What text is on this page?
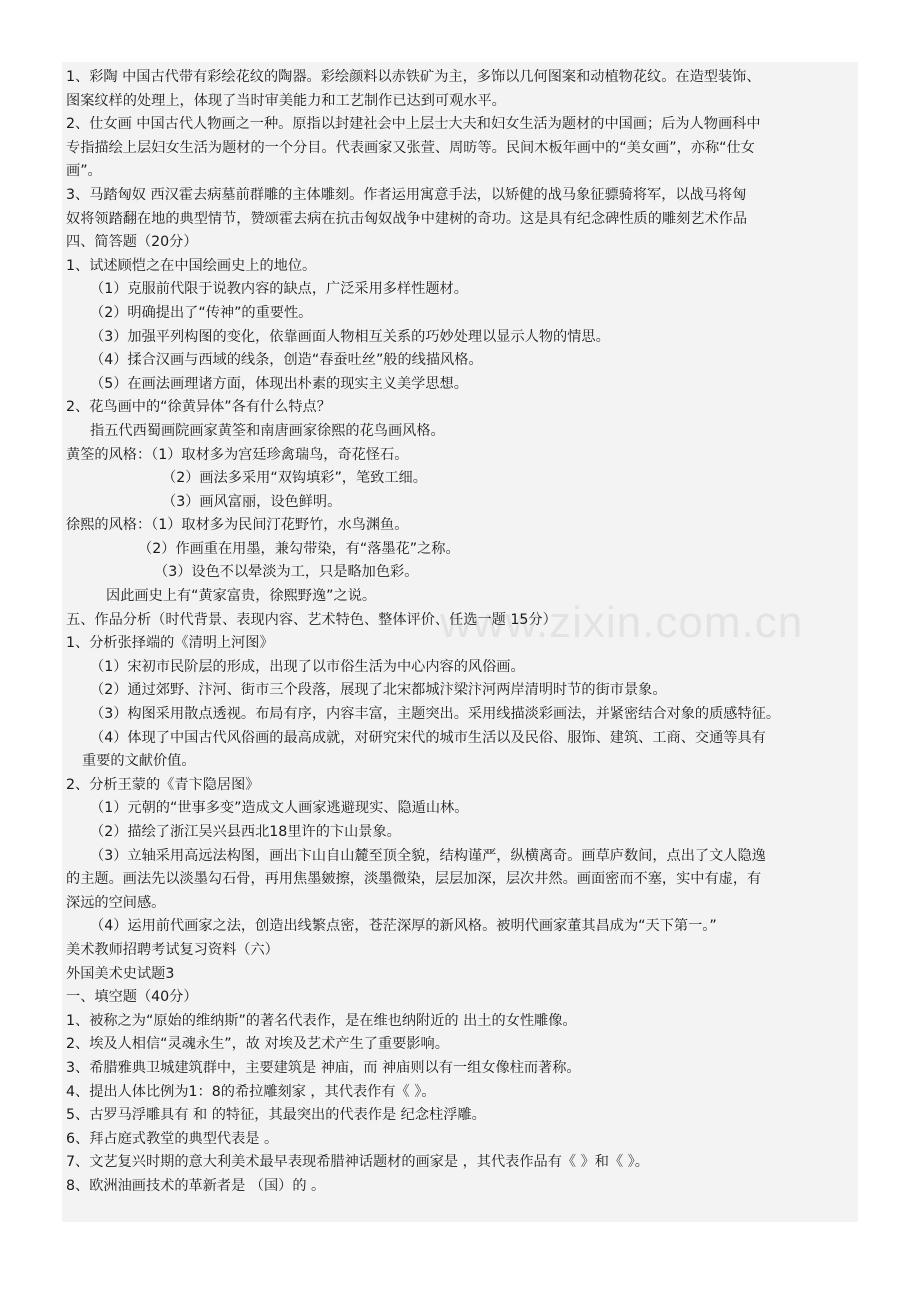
www.zixin.com.cn
1、彩陶 中国古代带有彩绘花纹的陶器。彩绘颜料以赤铁矿为主，多饰以几何图案和动植物花纹。在造型装饰、
图案纹样的处理上，体现了当时审美能力和工艺制作已达到可观水平。
2、仕女画 中国古代人物画之一种。原指以封建社会中上层士大夫和妇女生活为题材的中国画；后为人物画科中
专指描绘上层妇女生活为题材的一个分目。代表画家又张萱、周昉等。民间木板年画中的“美女画”，亦称“仕女
画”。
3、马踏匈奴 西汉霍去病墓前群雕的主体雕刻。作者运用寓意手法，以矫健的战马象征骠骑将军，以战马将匈
奴将领踏翻在地的典型情节，赞颂霍去病在抗击匈奴战争中建树的奇功。这是具有纪念碑性质的雕刻艺术作品
四、简答题（20分）
1、试述顾恺之在中国绘画史上的地位。
（1）克服前代限于说教内容的缺点，广泛采用多样性题材。
（2）明确提出了“传神”的重要性。
（3）加强平列构图的变化，依靠画面人物相互关系的巧妙处理以显示人物的情思。
（4）揉合汉画与西域的线条，创造“春蚕吐丝”般的线描风格。
（5）在画法画理诸方面，体现出朴素的现实主义美学思想。
2、花鸟画中的“徐黄异体”各有什么特点？
指五代西蜀画院画家黄筌和南唐画家徐熙的花鸟画风格。
黄筌的风格：（1）取材多为宫廷珍禽瑞鸟，奇花怪石。
（2）画法多采用“双钩填彩”，笔致工细。
（3）画风富丽，设色鲜明。
徐熙的风格：（1）取材多为民间汀花野竹，水鸟渊鱼。
（2）作画重在用墨，兼勾带染，有“落墨花”之称。
（3）设色不以晕淡为工，只是略加色彩。
因此画史上有“黄家富贵，徐熙野逸”之说。
五、作品分析（时代背景、表现内容、艺术特色、整体评价、任选一题 15分）
1、分析张择端的《清明上河图》
（1）宋初市民阶层的形成，出现了以市俗生活为中心内容的风俗画。
（2）通过郊野、汴河、街市三个段落，展现了北宋都城汴梁汴河两岸清明时节的街市景象。
（3）构图采用散点透视。布局有序，内容丰富，主题突出。采用线描淡彩画法，并紧密结合对象的质感特征。
（4）体现了中国古代风俗画的最高成就，对研究宋代的城市生活以及民俗、服饰、建筑、工商、交通等具有
重要的文献价值。
2、分析王蒙的《青卞隐居图》
（1）元朝的“世事多变”造成文人画家逃避现实、隐遁山林。
（2）描绘了浙江吴兴县西北18里许的卞山景象。
（3）立轴采用高远法构图，画出卞山自山麓至顶全貌，结构谨严，纵横离奇。画草庐数间，点出了文人隐逸
的主题。画法先以淡墨勾石骨，再用焦墨皴擦，淡墨微染，层层加深，层次井然。画面密而不塞，实中有虚，有
深远的空间感。
（4）运用前代画家之法，创造出线繁点密，苍茫深厚的新风格。被明代画家董其昌成为“天下第一。”
美术教师招聘考试复习资料（六）
外国美术史试题3
一、填空题（40分）
1、被称之为“原始的维纳斯”的著名代表作，是在维也纳附近的 出土的女性雕像。
2、埃及人相信“灵魂永生”，故 对埃及艺术产生了重要影响。
3、希腊雅典卫城建筑群中，主要建筑是 神庙，而 神庙则以有一组女像柱而著称。
4、提出人体比例为1：8的希拉雕刻家 ，其代表作有《 》。
5、古罗马浮雕具有 和 的特征，其最突出的代表作是 纪念柱浮雕。
6、拜占庭式教堂的典型代表是 。
7、文艺复兴时期的意大利美术最早表现希腊神话题材的画家是 ，其代表作品有《 》和《 》。
8、欧洲油画技术的革新者是 （国）的 。
